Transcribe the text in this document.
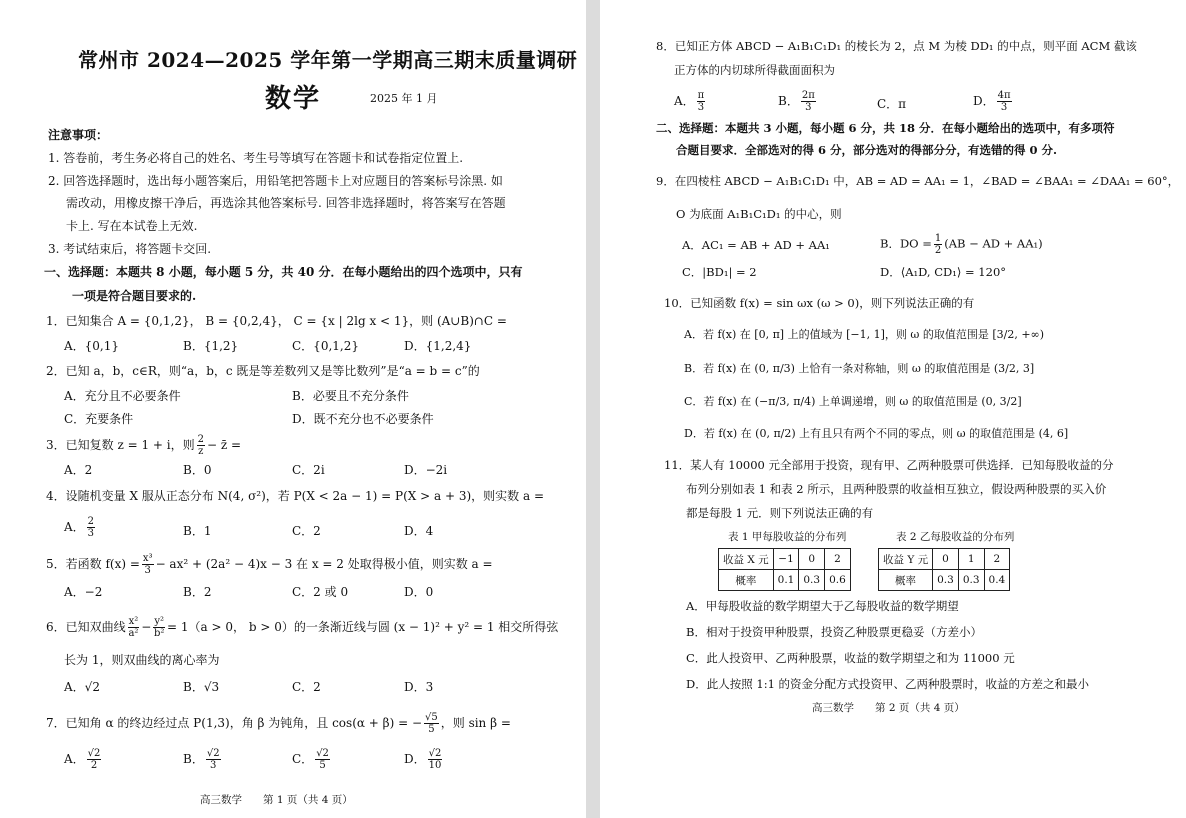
常州市 2024—2025 学年第一学期高三期末质量调研
数学	2025 年 1 月
注意事项：
1. 答卷前，考生务必将自己的姓名、考生号等填写在答题卡和试卷指定位置上.
2. 回答选择题时，选出每小题答案后，用铅笔把答题卡上对应题目的答案标号涂黑. 如
需改动，用橡皮擦干净后，再选涂其他答案标号. 回答非选择题时，将答案写在答题
卡上. 写在本试卷上无效.
3. 考试结束后，将答题卡交回.
一、选择题：本题共 8 小题，每小题 5 分，共 40 分．在每小题给出的四个选项中，只有
一项是符合题目要求的.
1．已知集合 A = {0,1,2}， B = {0,2,4}， C = {x | 2lg x < 1}，则 (A∪B)∩C =
A．{0,1}	B．{1,2}	C．{0,1,2}	D．{1,2,4}
2．已知 a，b，c∈R，则“a，b，c 既是等差数列又是等比数列”是“a = b = c”的
A．充分且不必要条件	B．必要且不充分条件
C．充要条件	D．既不充分也不必要条件
3．已知复数 z = 1 + i，则 $\frac{2}{z}$ − z̄ =
A．2	B．0	C．2i	D．−2i
4．设随机变量 X 服从正态分布 N(4, σ²)，若 P(X < 2a − 1) = P(X > a + 3)，则实数 a =
A． $\frac{2}{3}$	B．1	C．2	D．4
5．若函数 $f(x) = \frac{\text{x³}}{3} - ax^2 + (2a^2 - 4)x - 3$ 在 x = 2 处取得极小值，则实数 a =
A．−2	B．2	C．2 或 0	D．0
6．已知双曲线 $\frac{\text{x²}}{\text{a²}} - \frac{\text{y²}}{\text{b²}} = 1(a > 0$， b > 0）的一条渐近线与圆 (x − 1)² + y² = 1 相交所得弦
长为 1，则双曲线的离心率为
A．√2	B．√3	C．2	D．3
7．已知角 α 的终边经过点 P(1,3)，角 β 为钝角，且 cos(α + β) = − $\frac{√5}{5}$ ，则 sin β =
A． $\frac{√2}{2}$	B． $\frac{√2}{3}$	C． $\frac{√2}{5}$	D． $\frac{√2}{10}$
高三数学　　第 1 页（共 4 页）
8．已知正方体 ABCD − A₁B₁C₁D₁ 的棱长为 2，点 M 为棱 DD₁ 的中点，则平面 ACM 截该
正方体的内切球所得截面面积为
A． $\frac{\pi}{3}$	B． $\frac{2\pi}{3}$	C．π	D． $\frac{4\pi}{3}$
二、选择题：本题共 3 小题，每小题 6 分，共 18 分．在每小题给出的选项中，有多项符
合题目要求．全部选对的得 6 分，部分选对的得部分分，有选错的得 0 分.
9．在四棱柱 ABCD − A₁B₁C₁D₁ 中，AB = AD = AA₁ = 1，∠BAD = ∠BAA₁ = ∠DAA₁ = 60°，
O 为底面 A₁B₁C₁D₁ 的中心，则
A．AC₁ = AB + AD + AA₁	B．DO = $\frac{1}{2} (AB$ − AD + AA₁)
C．|BD₁| = 2	D．⟨A₁D, CD₁⟩ = 120°
10．已知函数 f(x) = sin ωx (ω > 0)，则下列说法正确的有
A．若 f(x) 在 [0, π] 上的值域为 [−1, 1]，则 ω 的取值范围是 [3/2, +∞)
B．若 f(x) 在 (0, π/3) 上恰有一条对称轴，则 ω 的取值范围是 (3/2, 3]
C．若 f(x) 在 (−π/3, π/4) 上单调递增，则 ω 的取值范围是 (0, 3/2]
D．若 f(x) 在 (0, π/2) 上有且只有两个不同的零点，则 ω 的取值范围是 (4, 6]
11．某人有 10000 元全部用于投资，现有甲、乙两种股票可供选择．已知每股收益的分
布列分别如表 1 和表 2 所示，且两种股票的收益相互独立，假设两种股票的买入价
都是每股 1 元．则下列说法正确的有
表 1 甲每股收益的分布列	表 2 乙每股收益的分布列
收益 X 元	−1	0	2
概率	0.1	0.3	0.6
收益 Y 元	0	1	2
概率	0.3	0.3	0.4
A．甲每股收益的数学期望大于乙每股收益的数学期望
B．相对于投资甲种股票，投资乙种股票更稳妥（方差小）
C．此人投资甲、乙两种股票，收益的数学期望之和为 11000 元
D．此人按照 1:1 的资金分配方式投资甲、乙两种股票时，收益的方差之和最小
高三数学　　第 2 页（共 4 页）
